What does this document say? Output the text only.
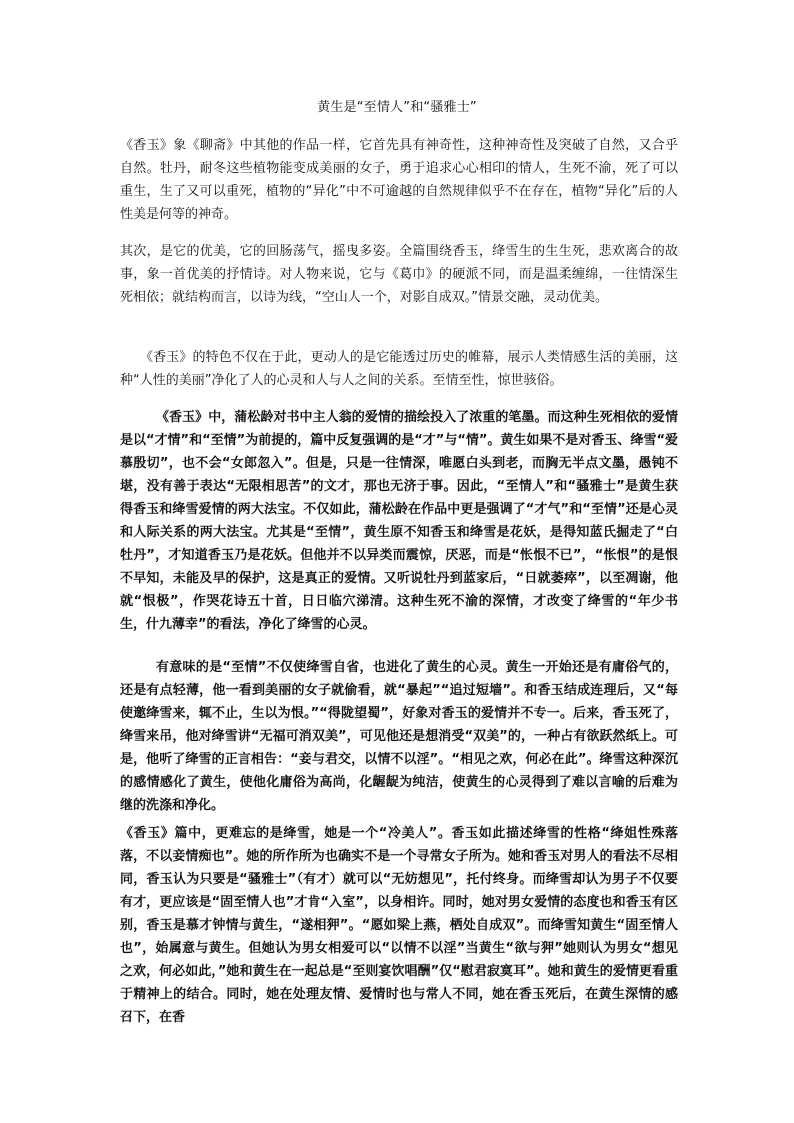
黄生是“至情人”和“骚雅士”

《香玉》象《聊斋》中其他的作品一样，它首先具有神奇性，这种神奇性及突破了自然，又合乎自然。牡丹，耐冬这些植物能变成美丽的女子，勇于追求心心相印的情人，生死不渝，死了可以重生，生了又可以重死，植物的“异化”中不可逾越的自然规律似乎不在存在，植物“异化”后的人性美是何等的神奇。

其次，是它的优美，它的回肠荡气，摇曳多姿。全篇围绕香玉，绛雪生的生生死，悲欢离合的故事，象一首优美的抒情诗。对人物来说，它与《葛巾》的硬派不同，而是温柔缠绵，一往情深生死相依；就结构而言，以诗为线，“空山人一个，对影自成双。”情景交融，灵动优美。

《香玉》的特色不仅在于此，更动人的是它能透过历史的帷幕，展示人类情感生活的美丽，这种“人性的美丽”净化了人的心灵和人与人之间的关系。至情至性，惊世骇俗。

《香玉》中，蒲松龄对书中主人翁的爱情的描绘投入了浓重的笔墨。而这种生死相依的爱情是以“才情”和“至情”为前提的，篇中反复强调的是“才”与“情”。黄生如果不是对香玉、绛雪“爱慕殷切”，也不会“女郎忽入”。但是，只是一往情深，唯愿白头到老，而胸无半点文墨，愚钝不堪，没有善于表达“无限相思苦”的文才，那也无济于事。因此，“至情人”和“骚雅士”是黄生获得香玉和绛雪爱情的两大法宝。不仅如此，蒲松龄在作品中更是强调了“才气”和“至情”还是心灵和人际关系的两大法宝。尤其是“至情”，黄生原不知香玉和绛雪是花妖，是得知蓝氏掘走了“白牡丹”，才知道香玉乃是花妖。但他并不以异类而震惊，厌恶，而是“怅恨不已”，“怅恨”的是恨不早知，未能及早的保护，这是真正的爱情。又听说牡丹到蓝家后，“日就萎瘁”，以至凋谢，他就“恨极”，作哭花诗五十首，日日临穴涕清。这种生死不渝的深情，才改变了绛雪的“年少书生，什九薄幸”的看法，净化了绛雪的心灵。

有意味的是“至情”不仅使绛雪自省，也进化了黄生的心灵。黄生一开始还是有庸俗气的，还是有点轻薄，他一看到美丽的女子就偷看，就“暴起”“追过短墙”。和香玉结成连理后，又“每使邀绛雪来，辄不止，生以为恨。”“得陇望蜀”，好象对香玉的爱情并不专一。后来，香玉死了，绛雪来吊，他对绛雪讲“无福可消双美”，可见他还是想消受“双美”的，一种占有欲跃然纸上。可是，他听了绛雪的正言相告：“妾与君交，以情不以淫”。“相见之欢，何必在此”。绛雪这种深沉的感情感化了黄生，使他化庸俗为高尚，化龌龊为纯洁，使黄生的心灵得到了难以言喻的后难为继的洗涤和净化。

《香玉》篇中，更难忘的是绛雪，她是一个“冷美人”。香玉如此描述绛雪的性格“绛姐性殊落落，不以妾情痴也”。她的所作所为也确实不是一个寻常女子所为。她和香玉对男人的看法不尽相同，香玉认为只要是“骚雅士”（有才）就可以“无妨想见”，托付终身。而绛雪却认为男子不仅要有才，更应该是“固至情人也”才肯“入室”，以身相许。同时，她对男女爱情的态度也和香玉有区别，香玉是慕才钟情与黄生，“遂相狎”。“愿如梁上燕，栖处自成双”。而绛雪知黄生“固至情人也”，始属意与黄生。但她认为男女相爱可以“以情不以淫”当黄生“欲与狎”她则认为男女“想见之欢，何必如此，”她和黄生在一起总是“至则宴饮唱酬”仅“慰君寂寞耳”。她和黄生的爱情更看重于精神上的结合。同时，她在处理友情、爱情时也与常人不同，她在香玉死后，在黄生深情的感召下，在香
